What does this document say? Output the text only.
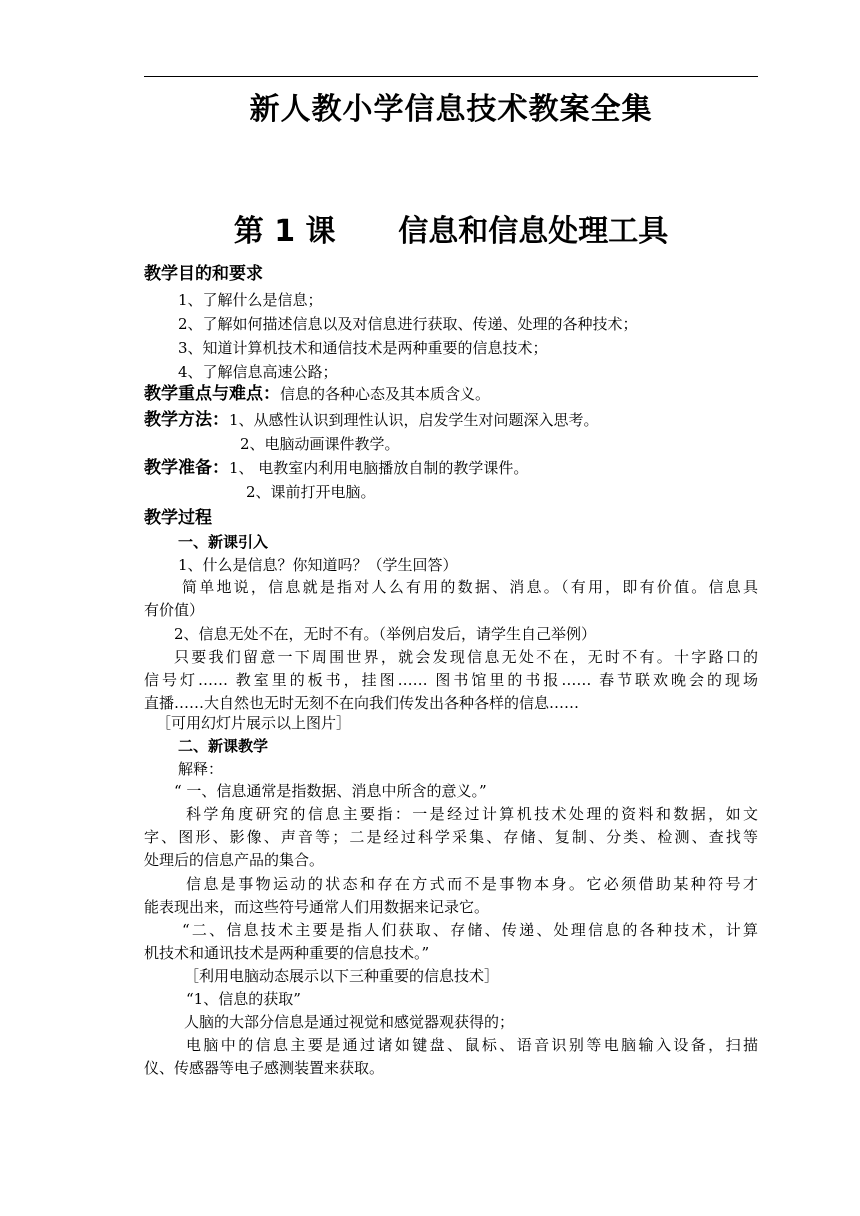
新人教小学信息技术教案全集
第 1 课      信息和信息处理工具
教学目的和要求
1、了解什么是信息；
2、了解如何描述信息以及对信息进行获取、传递、处理的各种技术；
3、知道计算机技术和通信技术是两种重要的信息技术；
4、了解信息高速公路；
教学重点与难点：信息的各种心态及其本质含义。
教学方法：1、从感性认识到理性认识，启发学生对问题深入思考。
2、电脑动画课件教学。
教学准备：1、 电教室内利用电脑播放自制的教学课件。
2、课前打开电脑。
教学过程
一、新课引入
1、什么是信息？你知道吗？（学生回答）
简单地说，信息就是指对人么有用的数据、消息。（有用，即有价值。信息具
有价值）
2、信息无处不在，无时不有。（举例启发后，请学生自己举例）
只要我们留意一下周围世界，就会发现信息无处不在，无时不有。十字路口的
信号灯…… 教室里的板书，挂图…… 图书馆里的书报…… 春节联欢晚会的现场
直播……大自然也无时无刻不在向我们传发出各种各样的信息……
［可用幻灯片展示以上图片］
二、新课教学
解释：
“ 一、信息通常是指数据、消息中所含的意义。”
科学角度研究的信息主要指：一是经过计算机技术处理的资料和数据，如文
字、图形、影像、声音等；二是经过科学采集、存储、复制、分类、检测、查找等
处理后的信息产品的集合。
信息是事物运动的状态和存在方式而不是事物本身。它必须借助某种符号才
能表现出来，而这些符号通常人们用数据来记录它。
“二、信息技术主要是指人们获取、存储、传递、处理信息的各种技术，计算
机技术和通讯技术是两种重要的信息技术。”
［利用电脑动态展示以下三种重要的信息技术］
“1、信息的获取”
人脑的大部分信息是通过视觉和感觉器观获得的；
电脑中的信息主要是通过诸如键盘、鼠标、语音识别等电脑输入设备，扫描
仪、传感器等电子感测装置来获取。
